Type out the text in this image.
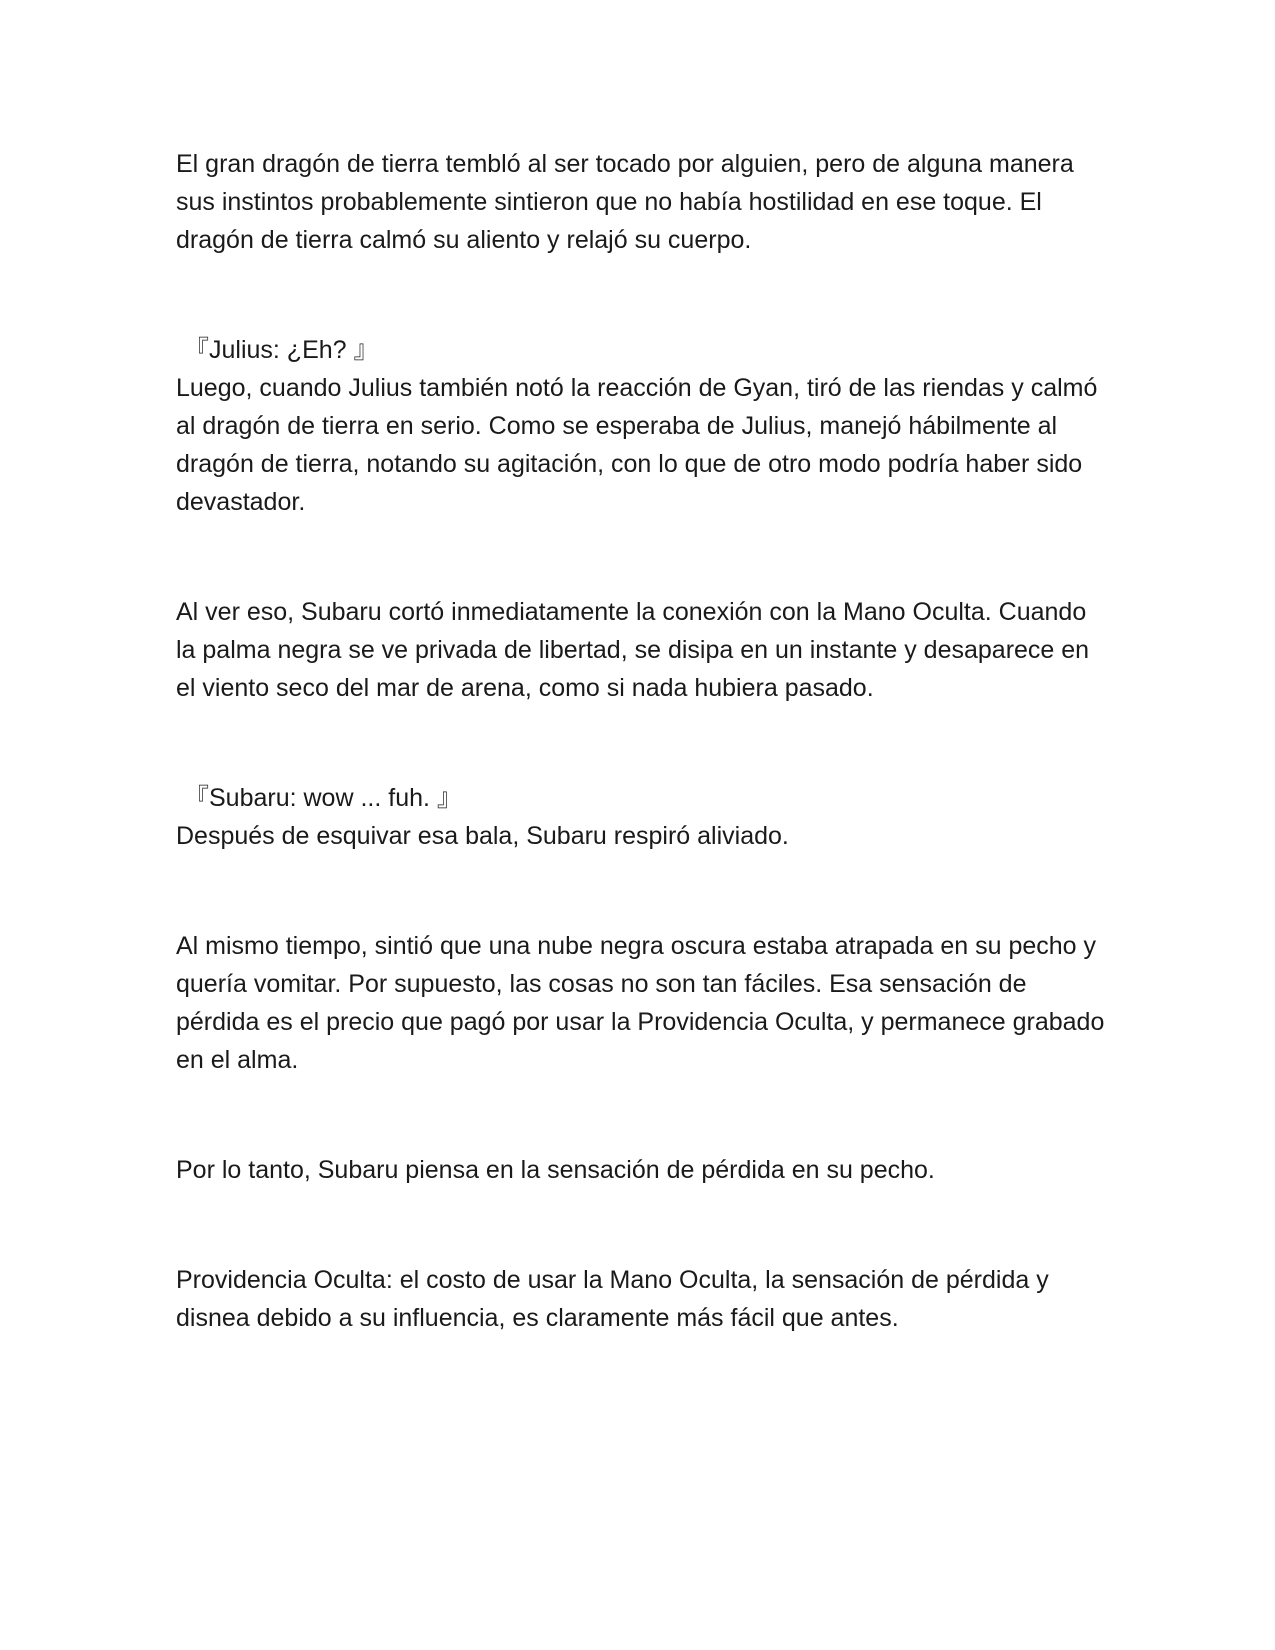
El gran dragón de tierra tembló al ser tocado por alguien, pero de alguna manera sus instintos probablemente sintieron que no había hostilidad en ese toque. El dragón de tierra calmó su aliento y relajó su cuerpo.

『Julius: ¿Eh? 』

Luego, cuando Julius también notó la reacción de Gyan, tiró de las riendas y calmó al dragón de tierra en serio. Como se esperaba de Julius, manejó hábilmente al dragón de tierra, notando su agitación, con lo que de otro modo podría haber sido devastador.

Al ver eso, Subaru cortó inmediatamente la conexión con la Mano Oculta. Cuando la palma negra se ve privada de libertad, se disipa en un instante y desaparece en el viento seco del mar de arena, como si nada hubiera pasado.

『Subaru: wow ... fuh. 』

Después de esquivar esa bala, Subaru respiró aliviado.

Al mismo tiempo, sintió que una nube negra oscura estaba atrapada en su pecho y quería vomitar. Por supuesto, las cosas no son tan fáciles. Esa sensación de pérdida es el precio que pagó por usar la Providencia Oculta, y permanece grabado en el alma.

Por lo tanto, Subaru piensa en la sensación de pérdida en su pecho.

Providencia Oculta: el costo de usar la Mano Oculta, la sensación de pérdida y disnea debido a su influencia, es claramente más fácil que antes.
